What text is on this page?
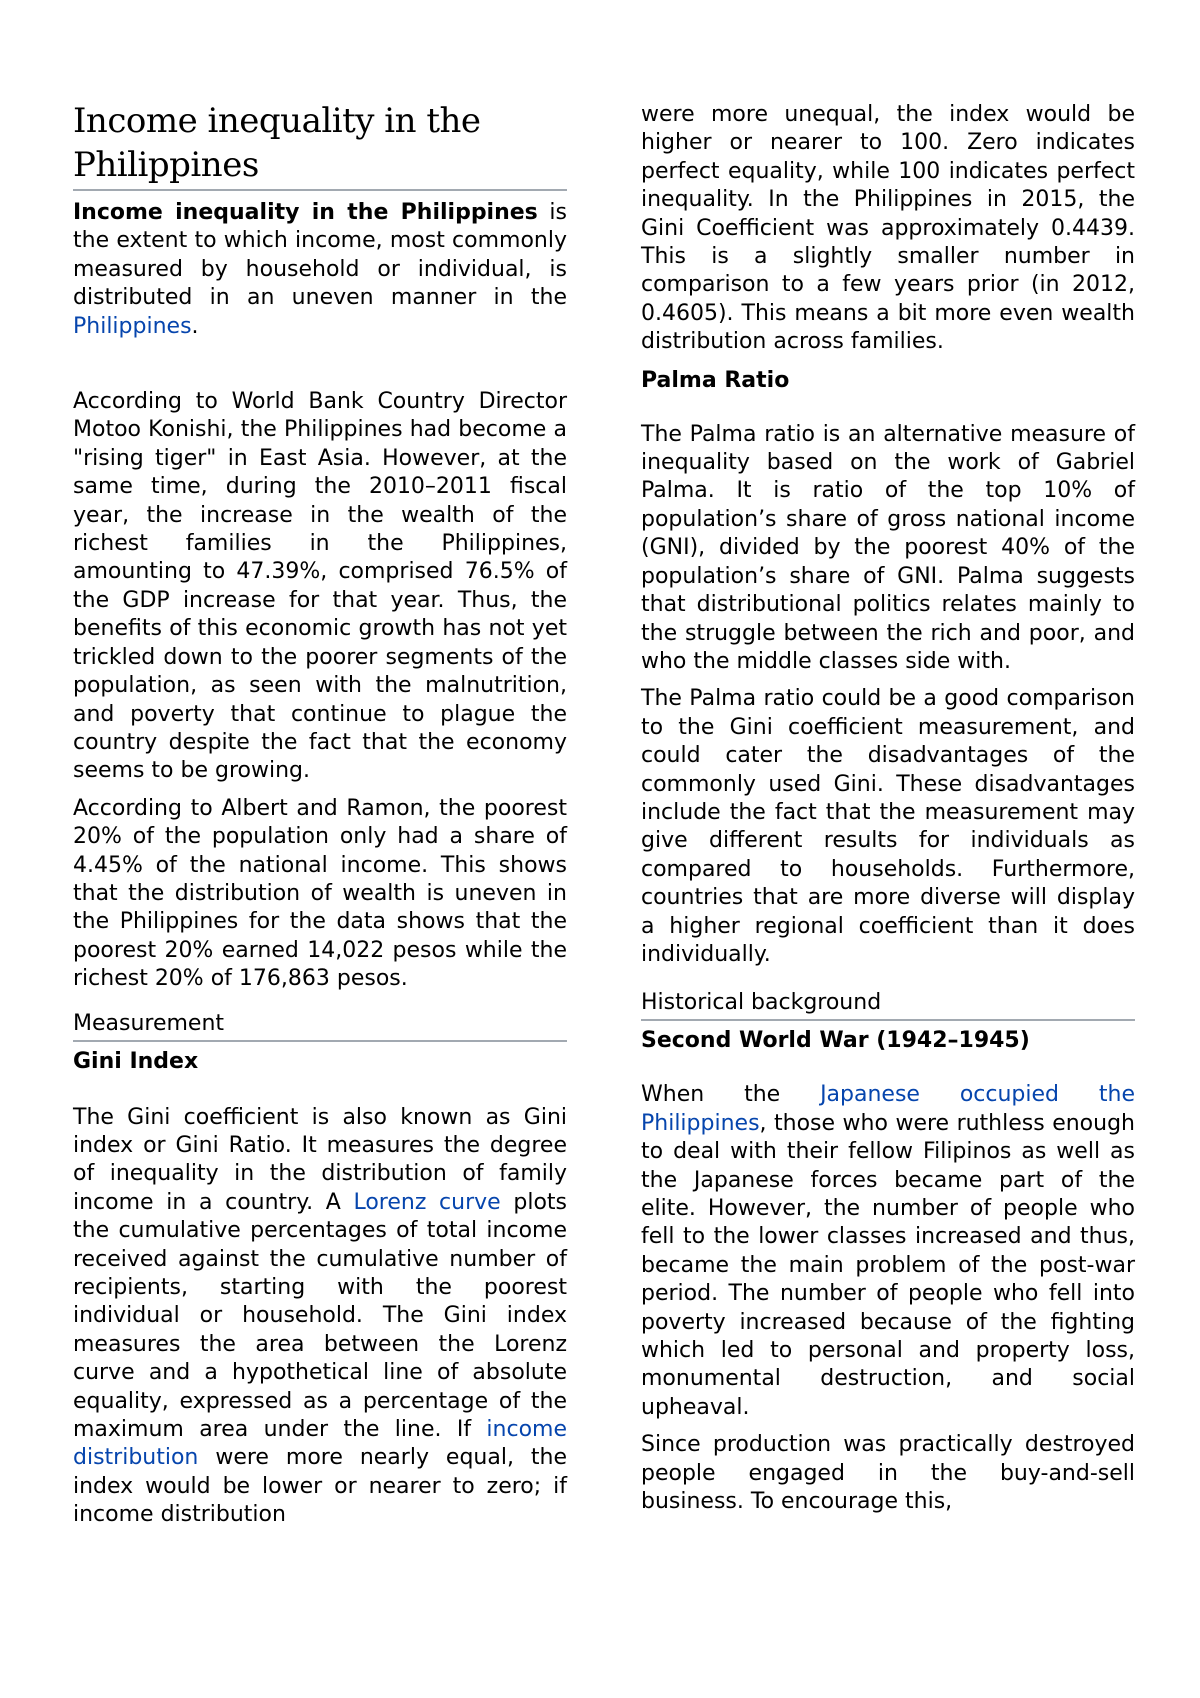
Income inequality in the Philippines

Income inequality in the Philippines is the extent to which income, most commonly measured by household or individual, is distributed in an uneven manner in the Philippines.

According to World Bank Country Director Motoo Konishi, the Philippines had become a "rising tiger" in East Asia. However, at the same time, during the 2010–2011 fiscal year, the increase in the wealth of the richest families in the Philippines, amounting to 47.39%, comprised 76.5% of the GDP increase for that year. Thus, the benefits of this economic growth has not yet trickled down to the poorer segments of the population, as seen with the malnutrition, and poverty that continue to plague the country despite the fact that the economy seems to be growing.

According to Albert and Ramon, the poorest 20% of the population only had a share of 4.45% of the national income. This shows that the distribution of wealth is uneven in the Philippines for the data shows that the poorest 20% earned 14,022 pesos while the richest 20% of 176,863 pesos.

Measurement
Gini Index

The Gini coefficient is also known as Gini index or Gini Ratio. It measures the degree of inequality in the distribution of family income in a country. A Lorenz curve plots the cumulative percentages of total income received against the cumulative number of recipients, starting with the poorest individual or household. The Gini index measures the area between the Lorenz curve and a hypothetical line of absolute equality, expressed as a percentage of the maximum area under the line. If income distribution were more nearly equal, the index would be lower or nearer to zero; if income distribution

were more unequal, the index would be higher or nearer to 100. Zero indicates perfect equality, while 100 indicates perfect inequality. In the Philippines in 2015, the Gini Coefficient was approximately 0.4439. This is a slightly smaller number in comparison to a few years prior (in 2012, 0.4605). This means a bit more even wealth distribution across families.

Palma Ratio

The Palma ratio is an alternative measure of inequality based on the work of Gabriel Palma. It is ratio of the top 10% of population’s share of gross national income (GNI), divided by the poorest 40% of the population’s share of GNI. Palma suggests that distributional politics relates mainly to the struggle between the rich and poor, and who the middle classes side with.

The Palma ratio could be a good comparison to the Gini coefficient measurement, and could cater the disadvantages of the commonly used Gini. These disadvantages include the fact that the measurement may give different results for individuals as compared to households. Furthermore, countries that are more diverse will display a higher regional coefficient than it does individually.

Historical background
Second World War (1942–1945)

When the Japanese occupied the Philippines, those who were ruthless enough to deal with their fellow Filipinos as well as the Japanese forces became part of the elite. However, the number of people who fell to the lower classes increased and thus, became the main problem of the post-war period. The number of people who fell into poverty increased because of the fighting which led to personal and property loss, monumental destruction, and social upheaval.

Since production was practically destroyed people engaged in the buy-and-sell business. To encourage this,
